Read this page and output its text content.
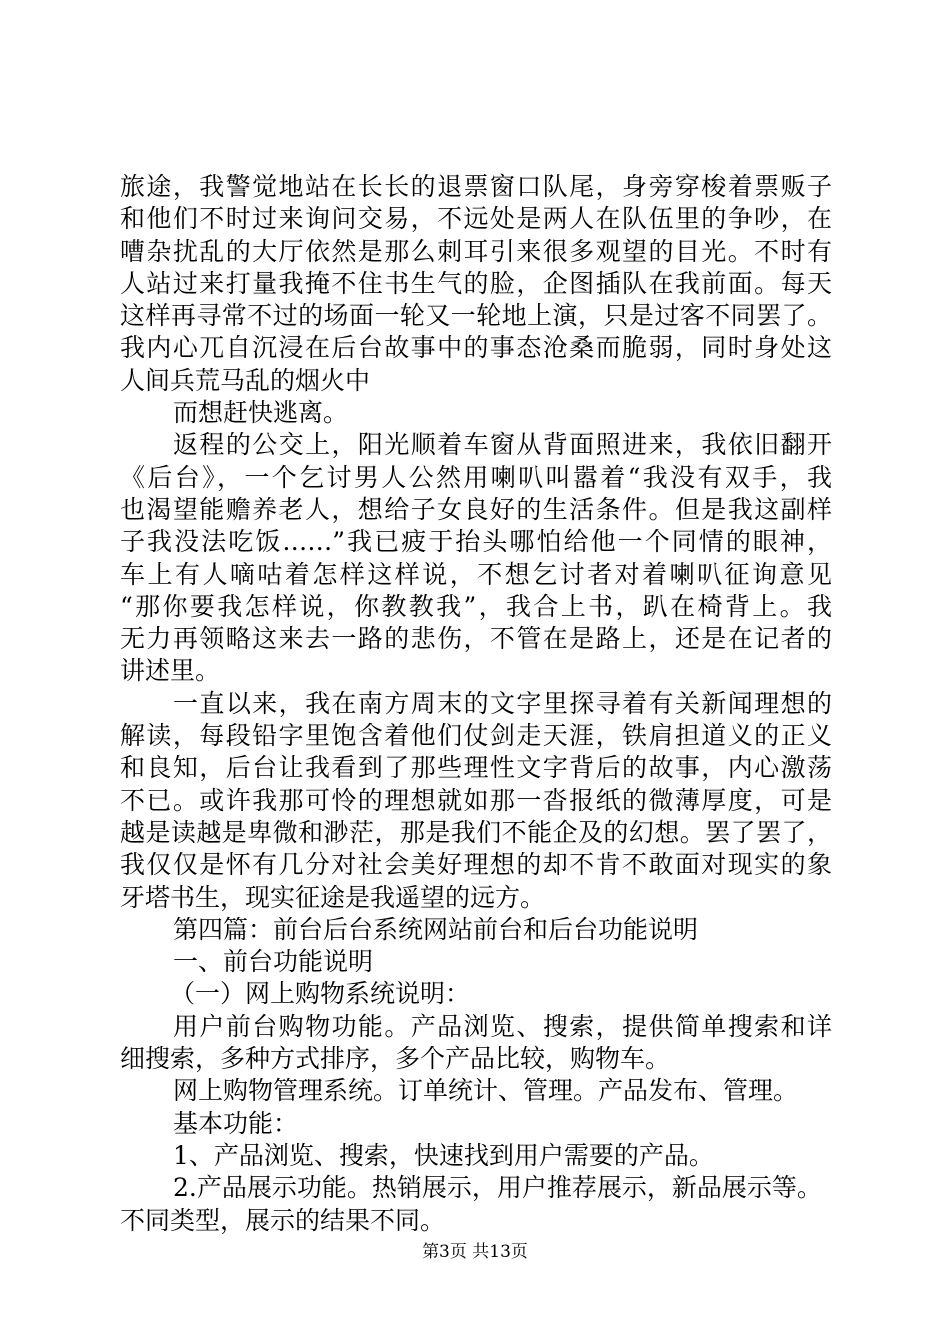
旅途，我警觉地站在长长的退票窗口队尾，身旁穿梭着票贩子
和他们不时过来询问交易，不远处是两人在队伍里的争吵，在
嘈杂扰乱的大厅依然是那么刺耳引来很多观望的目光。不时有
人站过来打量我掩不住书生气的脸，企图插队在我前面。每天
这样再寻常不过的场面一轮又一轮地上演，只是过客不同罢了。
我内心兀自沉浸在后台故事中的事态沧桑而脆弱，同时身处这
人间兵荒马乱的烟火中
而想赶快逃离。
返程的公交上，阳光顺着车窗从背面照进来，我依旧翻开
《后台》，一个乞讨男人公然用喇叭叫嚣着“我没有双手，我
也渴望能赡养老人，想给子女良好的生活条件。但是我这副样
子我没法吃饭……”我已疲于抬头哪怕给他一个同情的眼神，
车上有人嘀咕着怎样这样说，不想乞讨者对着喇叭征询意见
“那你要我怎样说，你教教我”，我合上书，趴在椅背上。我
无力再领略这来去一路的悲伤，不管在是路上，还是在记者的
讲述里。
一直以来，我在南方周末的文字里探寻着有关新闻理想的
解读，每段铅字里饱含着他们仗剑走天涯，铁肩担道义的正义
和良知，后台让我看到了那些理性文字背后的故事，内心激荡
不已。或许我那可怜的理想就如那一沓报纸的微薄厚度，可是
越是读越是卑微和渺茫，那是我们不能企及的幻想。罢了罢了，
我仅仅是怀有几分对社会美好理想的却不肯不敢面对现实的象
牙塔书生，现实征途是我遥望的远方。
第四篇：前台后台系统网站前台和后台功能说明
一、前台功能说明
（一）网上购物系统说明：
用户前台购物功能。产品浏览、搜索，提供简单搜索和详
细搜索，多种方式排序，多个产品比较，购物车。
网上购物管理系统。订单统计、管理。产品发布、管理。
基本功能：
1、产品浏览、搜索，快速找到用户需要的产品。
2.产品展示功能。热销展示，用户推荐展示，新品展示等。
不同类型，展示的结果不同。
第3页 共13页
